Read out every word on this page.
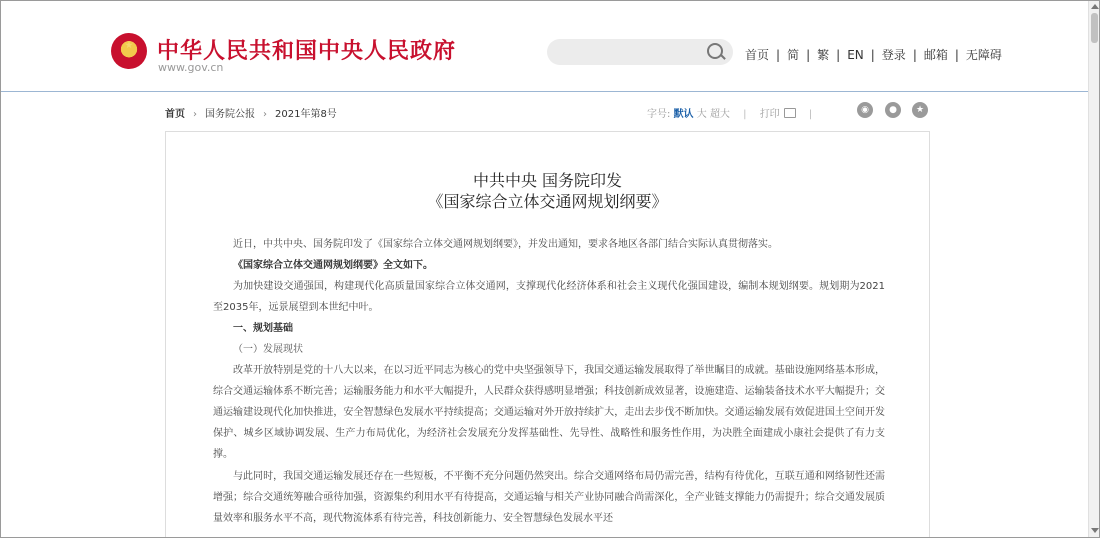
中华人民共和国中央人民政府
www.gov.cn
首页 | 简 | 繁 | EN | 登录 | 邮箱 | 无障碍
首页 › 国务院公报 › 2021年第8号	字号: 默认 大 超大 | 打印	|	◉	●	★
中共中央 国务院印发
《国家综合立体交通网规划纲要》
近日，中共中央、国务院印发了《国家综合立体交通网规划纲要》，并发出通知，要求各地区各部门结合实际认真贯彻落实。
《国家综合立体交通网规划纲要》全文如下。
为加快建设交通强国，构建现代化高质量国家综合立体交通网，支撑现代化经济体系和社会主义现代化强国建设，编制本规划纲要。规划期为2021至2035年，远景展望到本世纪中叶。
一、规划基础
（一）发展现状
改革开放特别是党的十八大以来，在以习近平同志为核心的党中央坚强领导下，我国交通运输发展取得了举世瞩目的成就。基础设施网络基本形成，综合交通运输体系不断完善；运输服务能力和水平大幅提升，人民群众获得感明显增强；科技创新成效显著，设施建造、运输装备技术水平大幅提升；交通运输建设现代化加快推进，安全智慧绿色发展水平持续提高；交通运输对外开放持续扩大，走出去步伐不断加快。交通运输发展有效促进国土空间开发保护、城乡区域协调发展、生产力布局优化，为经济社会发展充分发挥基础性、先导性、战略性和服务性作用，为决胜全面建成小康社会提供了有力支撑。
与此同时，我国交通运输发展还存在一些短板，不平衡不充分问题仍然突出。综合交通网络布局仍需完善，结构有待优化，互联互通和网络韧性还需增强；综合交通统筹融合亟待加强，资源集约利用水平有待提高，交通运输与相关产业协同融合尚需深化，全产业链支撑能力仍需提升；综合交通发展质量效率和服务水平不高，现代物流体系有待完善，科技创新能力、安全智慧绿色发展水平还
